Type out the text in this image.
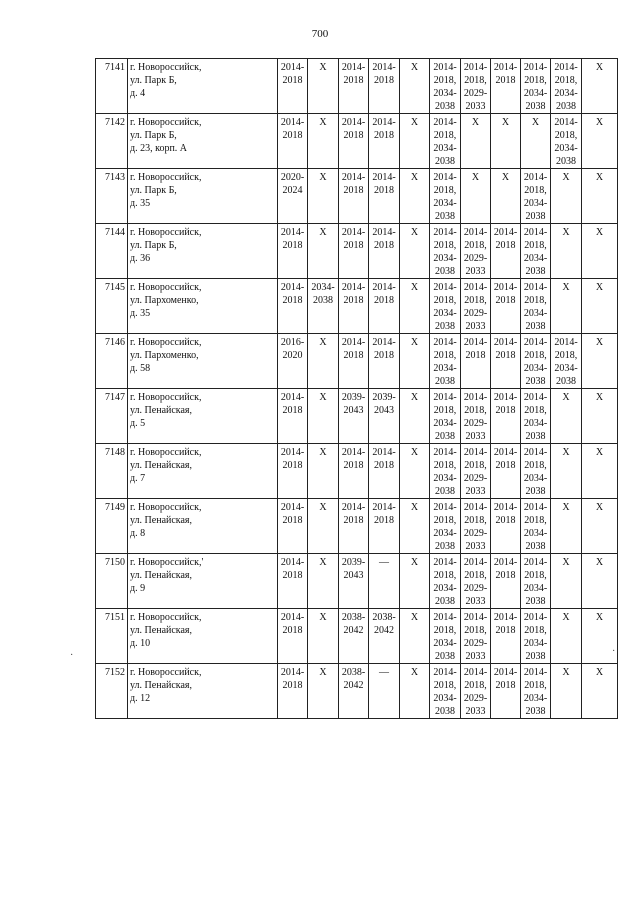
700
7141	г. Новороссийск,
ул. Парк Б,
д. 4	2014-
2018	X	2014-
2018	2014-
2018	X	2014-
2018,
2034-
2038	2014-
2018,
2029-
2033	2014-
2018	2014-
2018,
2034-
2038	2014-
2018,
2034-
2038	X
7142	г. Новороссийск,
ул. Парк Б,
д. 23, корп. А	2014-
2018	X	2014-
2018	2014-
2018	X	2014-
2018,
2034-
2038	X	X	X	2014-
2018,
2034-
2038	X
7143	г. Новороссийск,
ул. Парк Б,
д. 35	2020-
2024	X	2014-
2018	2014-
2018	X	2014-
2018,
2034-
2038	X	X	2014-
2018,
2034-
2038	X	X
7144	г. Новороссийск,
ул. Парк Б,
д. 36	2014-
2018	X	2014-
2018	2014-
2018	X	2014-
2018,
2034-
2038	2014-
2018,
2029-
2033	2014-
2018	2014-
2018,
2034-
2038	X	X
7145	г. Новороссийск,
ул. Пархоменко,
д. 35	2014-
2018	2034-
2038	2014-
2018	2014-
2018	X	2014-
2018,
2034-
2038	2014-
2018,
2029-
2033	2014-
2018	2014-
2018,
2034-
2038	X	X
7146	г. Новороссийск,
ул. Пархоменко,
д. 58	2016-
2020	X	2014-
2018	2014-
2018	X	2014-
2018,
2034-
2038	2014-
2018	2014-
2018	2014-
2018,
2034-
2038	2014-
2018,
2034-
2038	X
7147	г. Новороссийск,
ул. Пенайская,
д. 5	2014-
2018	X	2039-
2043	2039-
2043	X	2014-
2018,
2034-
2038	2014-
2018,
2029-
2033	2014-
2018	2014-
2018,
2034-
2038	X	X
7148	г. Новороссийск,
ул. Пенайская,
д. 7	2014-
2018	X	2014-
2018	2014-
2018	X	2014-
2018,
2034-
2038	2014-
2018,
2029-
2033	2014-
2018	2014-
2018,
2034-
2038	X	X
7149	г. Новороссийск,
ул. Пенайская,
д. 8	2014-
2018	X	2014-
2018	2014-
2018	X	2014-
2018,
2034-
2038	2014-
2018,
2029-
2033	2014-
2018	2014-
2018,
2034-
2038	X	X
7150	г. Новороссийск,'
ул. Пенайская,
д. 9	2014-
2018	X	2039-
2043	—	X	2014-
2018,
2034-
2038	2014-
2018,
2029-
2033	2014-
2018	2014-
2018,
2034-
2038	X	X
7151	г. Новороссийск,
ул. Пенайская,
д. 10	2014-
2018	X	2038-
2042	2038-
2042	X	2014-
2018,
2034-
2038	2014-
2018,
2029-
2033	2014-
2018	2014-
2018,
2034-
2038	X	X
7152	г. Новороссийск,
ул. Пенайская,
д. 12	2014-
2018	X	2038-
2042	—	X	2014-
2018,
2034-
2038	2014-
2018,
2029-
2033	2014-
2018	2014-
2018,
2034-
2038	X	X
·	·
